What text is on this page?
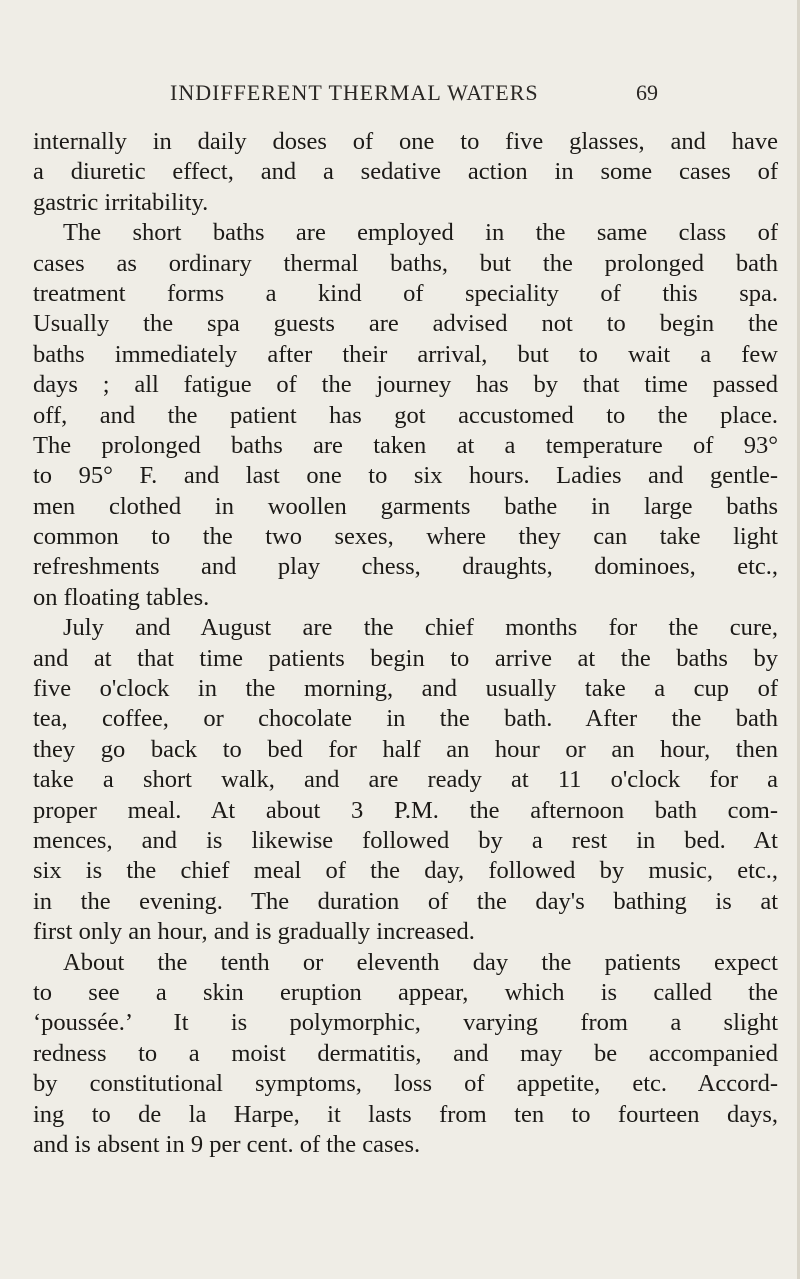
INDIFFERENT THERMAL WATERS	69
internally in daily doses of one to five glasses, and have
a diuretic effect, and a sedative action in some cases of
gastric irritability.
The short baths are employed in the same class of
cases as ordinary thermal baths, but the prolonged bath
treatment forms a kind of speciality of this spa.
Usually the spa guests are advised not to begin the
baths immediately after their arrival, but to wait a few
days ; all fatigue of the journey has by that time passed
off, and the patient has got accustomed to the place.
The prolonged baths are taken at a temperature of 93°
to 95° F. and last one to six hours. Ladies and gentle-
men clothed in woollen garments bathe in large baths
common to the two sexes, where they can take light
refreshments and play chess, draughts, dominoes, etc.,
on floating tables.
July and August are the chief months for the cure,
and at that time patients begin to arrive at the baths by
five o'clock in the morning, and usually take a cup of
tea, coffee, or chocolate in the bath. After the bath
they go back to bed for half an hour or an hour, then
take a short walk, and are ready at 11 o'clock for a
proper meal. At about 3 P.M. the afternoon bath com-
mences, and is likewise followed by a rest in bed. At
six is the chief meal of the day, followed by music, etc.,
in the evening. The duration of the day's bathing is at
first only an hour, and is gradually increased.
About the tenth or eleventh day the patients expect
to see a skin eruption appear, which is called the
‘poussée.’ It is polymorphic, varying from a slight
redness to a moist dermatitis, and may be accompanied
by constitutional symptoms, loss of appetite, etc. Accord-
ing to de la Harpe, it lasts from ten to fourteen days,
and is absent in 9 per cent. of the cases.
